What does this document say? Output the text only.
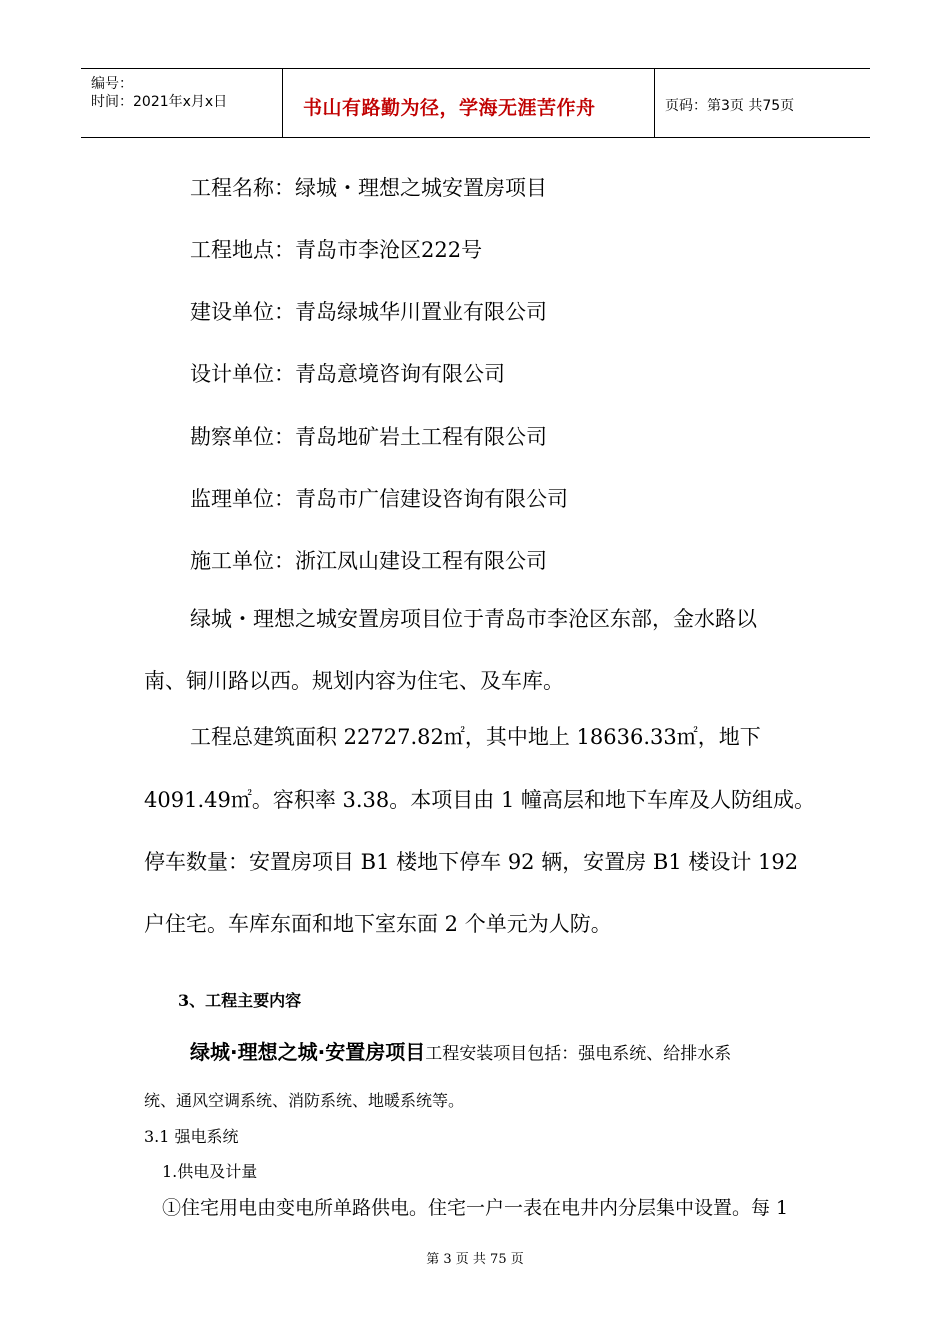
编号：
时间：2021年x月x日	书山有路勤为径，学海无涯苦作舟	页码：第3页 共75页
工程名称：绿城・理想之城安置房项目
工程地点：青岛市李沧区222号
建设单位：青岛绿城华川置业有限公司
设计单位：青岛意境咨询有限公司
勘察单位：青岛地矿岩土工程有限公司
监理单位：青岛市广信建设咨询有限公司
施工单位：浙江凤山建设工程有限公司
绿城・理想之城安置房项目位于青岛市李沧区东部，金水路以
南、铜川路以西。规划内容为住宅、及车库。
工程总建筑面积 22727.82㎡，其中地上 18636.33㎡，地下
4091.49㎡。容积率 3.38。本项目由 1 幢高层和地下车库及人防组成。
停车数量：安置房项目 B1 楼地下停车 92 辆，安置房 B1 楼设计 192
户住宅。车库东面和地下室东面 2 个单元为人防。
3、工程主要内容
绿城·理想之城·安置房项目工程安装项目包括：强电系统、给排水系
统、通风空调系统、消防系统、地暖系统等。
3.1 强电系统
1.供电及计量
①住宅用电由变电所单路供电。住宅一户一表在电井内分层集中设置。每 1
第 3 页 共 75 页
